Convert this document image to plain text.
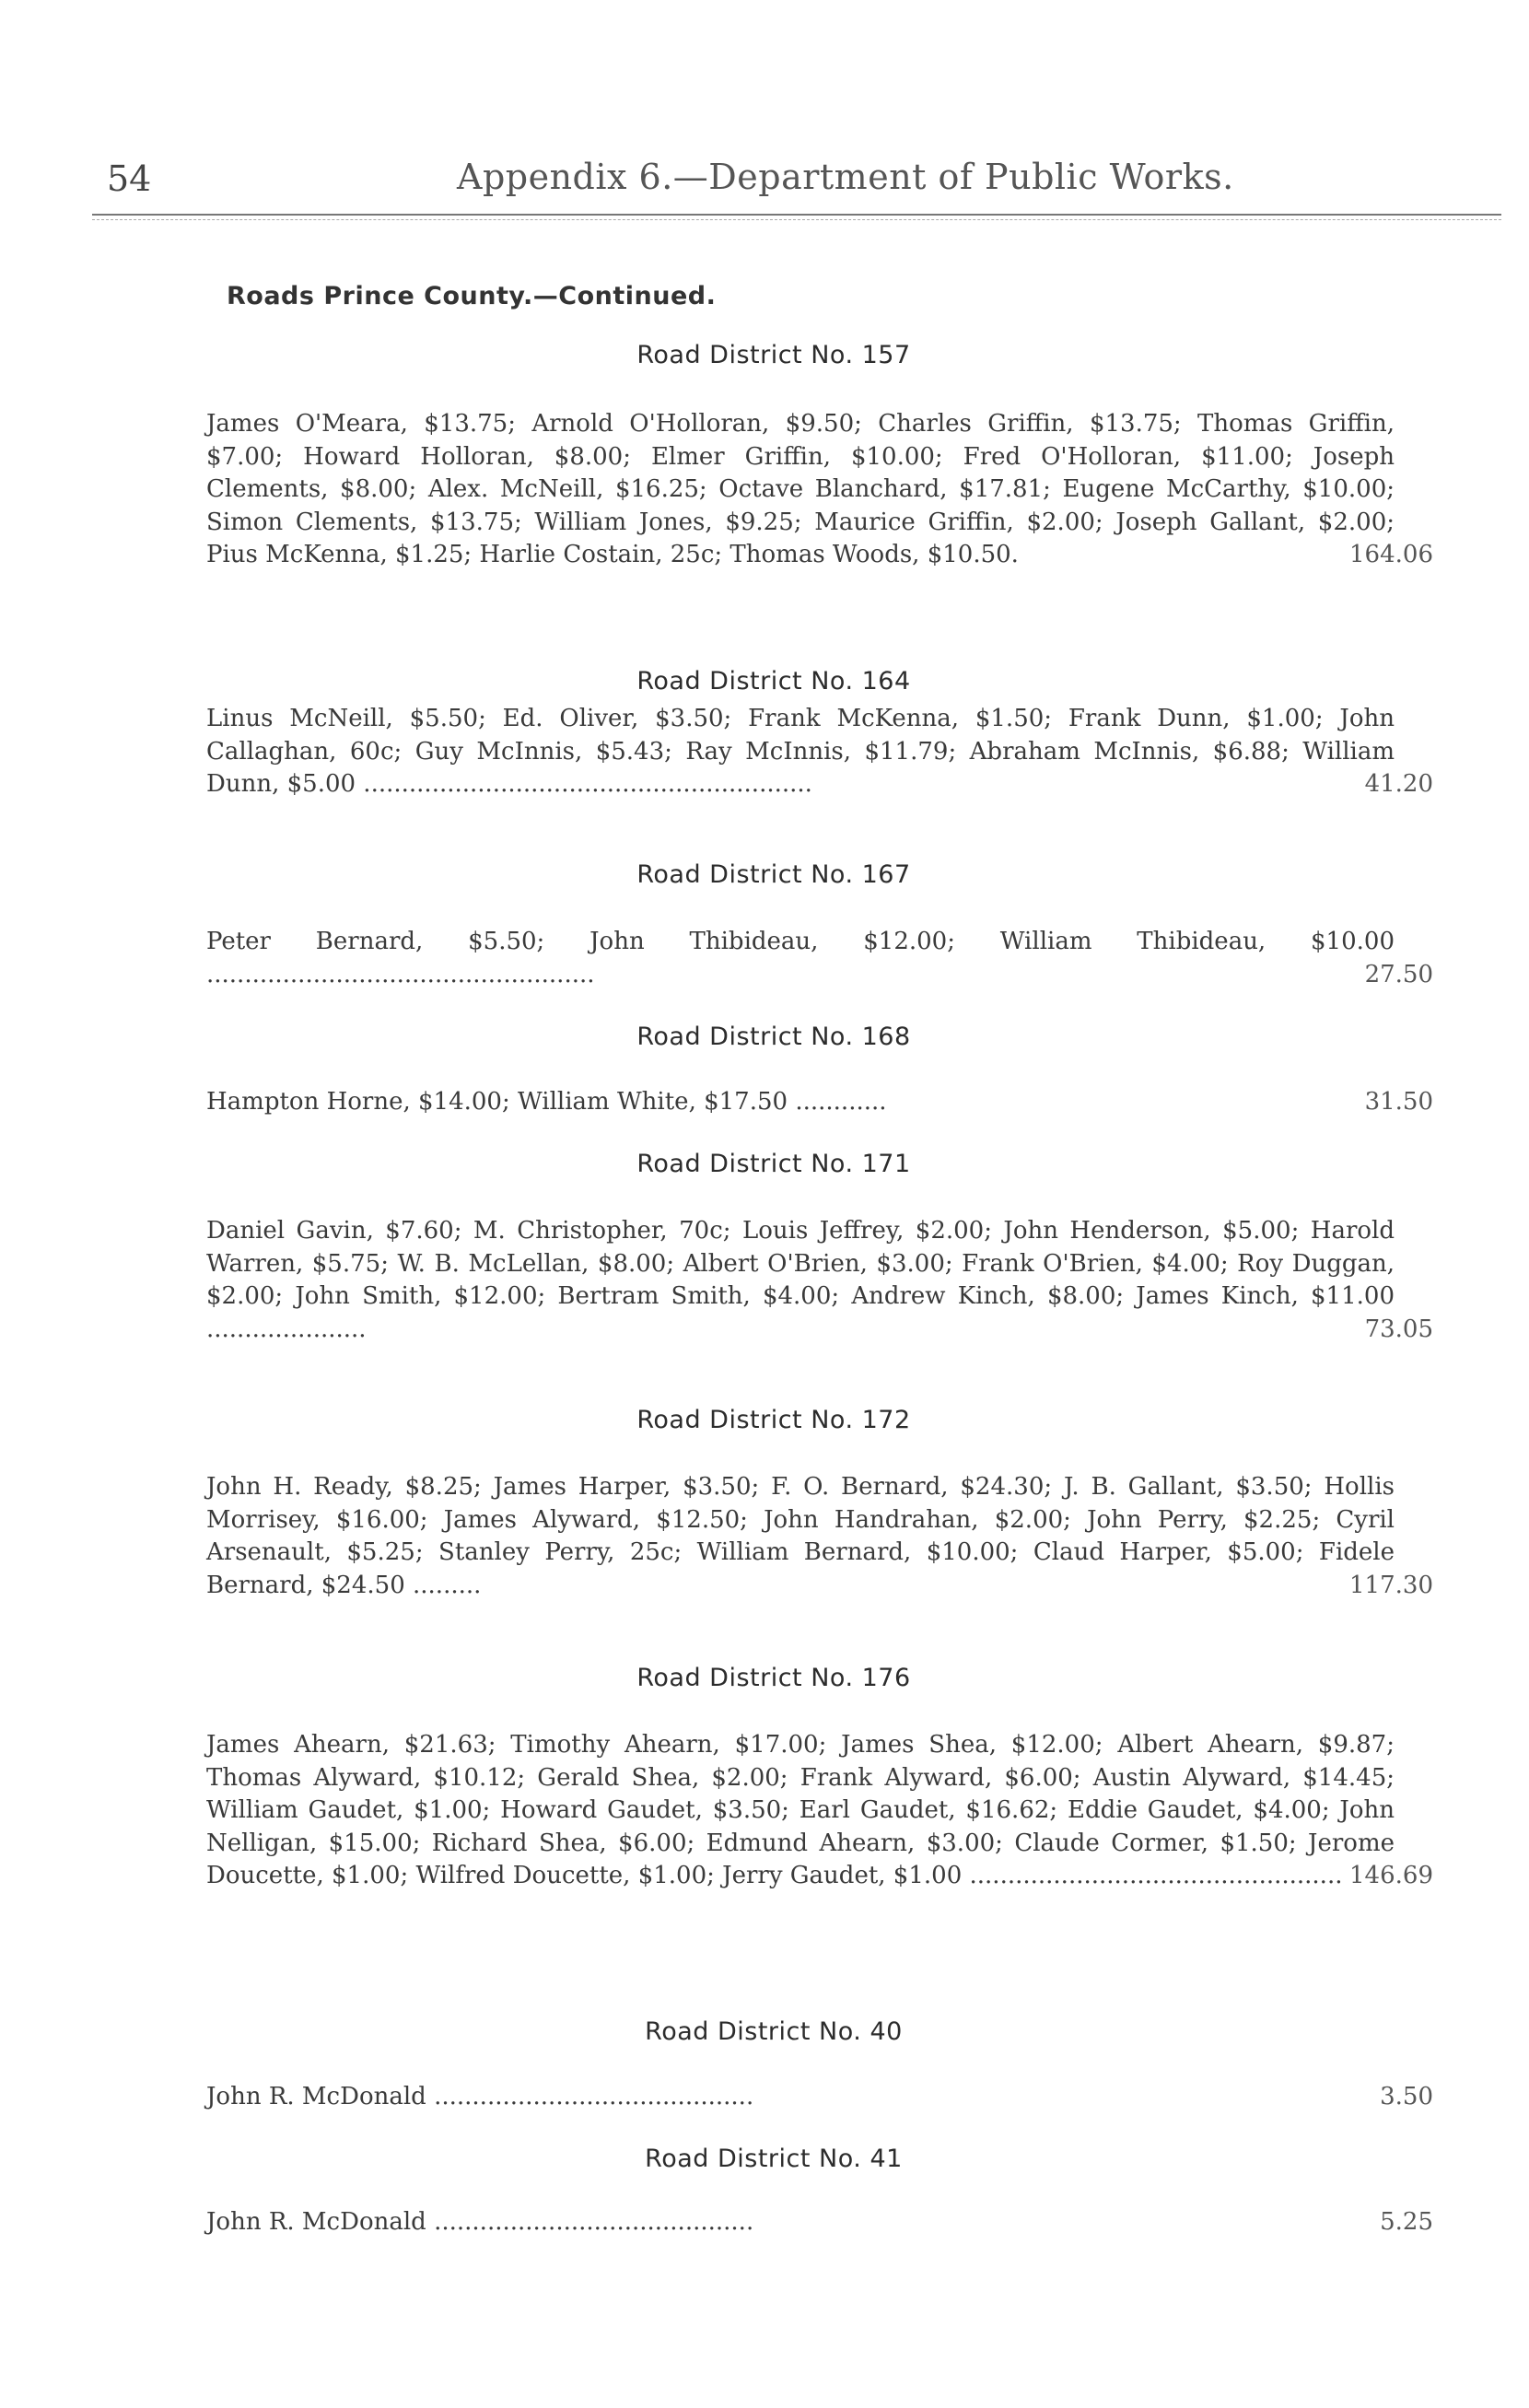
54	Appendix 6.—Department of Public Works.
Roads Prince County.—Continued.
Road District No. 157
James O'Meara, $13.75; Arnold O'Holloran, $9.50; Charles Griffin, $13.75; Thomas Griffin, $7.00; Howard Holloran, $8.00; Elmer Griffin, $10.00; Fred O'Holloran, $11.00; Joseph Clements, $8.00; Alex. McNeill, $16.25; Octave Blanchard, $17.81; Eugene McCarthy, $10.00; Simon Clements, $13.75; William Jones, $9.25; Maurice Griffin, $2.00; Joseph Gallant, $2.00; Pius McKenna, $1.25; Harlie Costain, 25c; Thomas Woods, $10.50.	164.06
Road District No. 164
Linus McNeill, $5.50; Ed. Oliver, $3.50; Frank McKenna, $1.50; Frank Dunn, $1.00; John Callaghan, 60c; Guy McInnis, $5.43; Ray McInnis, $11.79; Abraham McInnis, $6.88; William Dunn, $5.00 ...........................................................	41.20
Road District No. 167
Peter Bernard, $5.50; John Thibideau, $12.00; William Thibideau, $10.00 ...................................................	27.50
Road District No. 168
Hampton Horne, $14.00; William White, $17.50 ............	31.50
Road District No. 171
Daniel Gavin, $7.60; M. Christopher, 70c; Louis Jeffrey, $2.00; John Henderson, $5.00; Harold Warren, $5.75; W. B. McLellan, $8.00; Albert O'Brien, $3.00; Frank O'Brien, $4.00; Roy Duggan, $2.00; John Smith, $12.00; Bertram Smith, $4.00; Andrew Kinch, $8.00; James Kinch, $11.00 .....................	73.05
Road District No. 172
John H. Ready, $8.25; James Harper, $3.50; F. O. Bernard, $24.30; J. B. Gallant, $3.50; Hollis Morrisey, $16.00; James Alyward, $12.50; John Handrahan, $2.00; John Perry, $2.25; Cyril Arsenault, $5.25; Stanley Perry, 25c; William Bernard, $10.00; Claud Harper, $5.00; Fidele Bernard, $24.50 .........	117.30
Road District No. 176
James Ahearn, $21.63; Timothy Ahearn, $17.00; James Shea, $12.00; Albert Ahearn, $9.87; Thomas Alyward, $10.12; Gerald Shea, $2.00; Frank Alyward, $6.00; Austin Alyward, $14.45; William Gaudet, $1.00; Howard Gaudet, $3.50; Earl Gaudet, $16.62; Eddie Gaudet, $4.00; John Nelligan, $15.00; Richard Shea, $6.00; Edmund Ahearn, $3.00; Claude Cormer, $1.50; Jerome Doucette, $1.00; Wilfred Doucette, $1.00; Jerry Gaudet, $1.00 ................................................. 146.69
Road District No. 40
John R. McDonald ..........................................	3.50
Road District No. 41
John R. McDonald ..........................................	5.25
